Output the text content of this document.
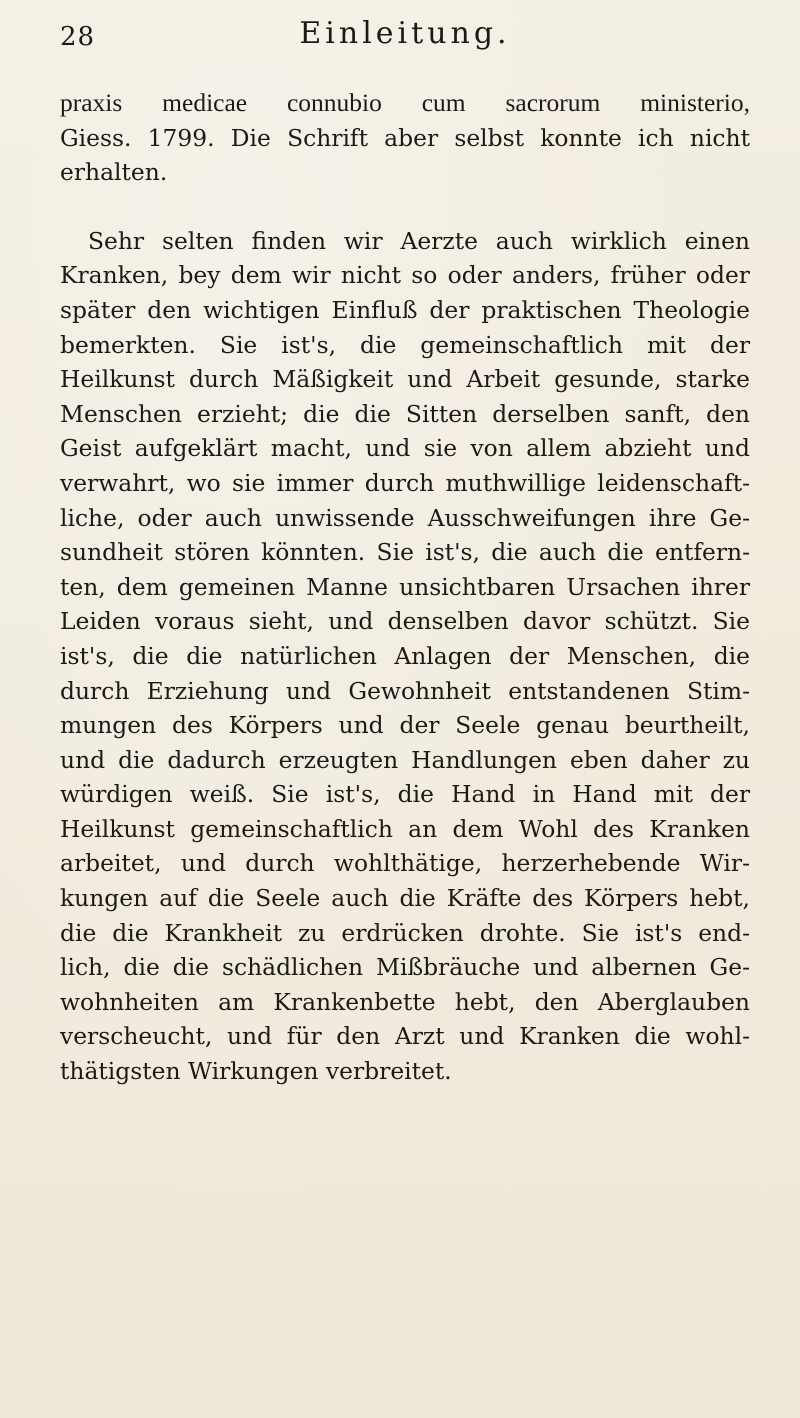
28	Einleitung.
praxis medicae connubio cum sacrorum ministerio,
Giess. 1799. Die Schrift aber selbst konnte ich nicht
erhalten.
Sehr selten finden wir Aerzte auch wirklich einen
Kranken, bey dem wir nicht so oder anders, früher oder
später den wichtigen Einfluß der praktischen Theologie
bemerkten. Sie ist's, die gemeinschaftlich mit der
Heilkunst durch Mäßigkeit und Arbeit gesunde, starke
Menschen erzieht; die die Sitten derselben sanft, den
Geist aufgeklärt macht, und sie von allem abzieht und
verwahrt, wo sie immer durch muthwillige leidenschaft-
liche, oder auch unwissende Ausschweifungen ihre Ge-
sundheit stören könnten. Sie ist's, die auch die entfern-
ten, dem gemeinen Manne unsichtbaren Ursachen ihrer
Leiden voraus sieht, und denselben davor schützt. Sie
ist's, die die natürlichen Anlagen der Menschen, die
durch Erziehung und Gewohnheit entstandenen Stim-
mungen des Körpers und der Seele genau beurtheilt,
und die dadurch erzeugten Handlungen eben daher zu
würdigen weiß. Sie ist's, die Hand in Hand mit der
Heilkunst gemeinschaftlich an dem Wohl des Kranken
arbeitet, und durch wohlthätige, herzerhebende Wir-
kungen auf die Seele auch die Kräfte des Körpers hebt,
die die Krankheit zu erdrücken drohte. Sie ist's end-
lich, die die schädlichen Mißbräuche und albernen Ge-
wohnheiten am Krankenbette hebt, den Aberglauben
verscheucht, und für den Arzt und Kranken die wohl-
thätigsten Wirkungen verbreitet.
